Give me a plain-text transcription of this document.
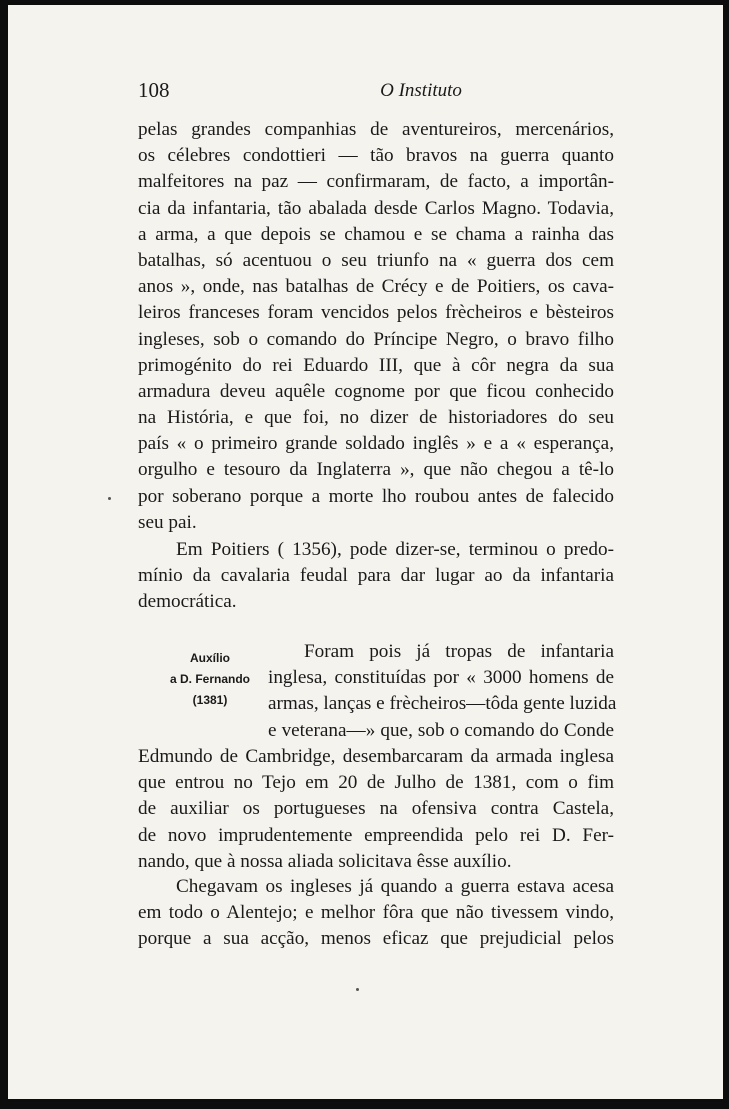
108	O Instituto
pelas grandes companhias de aventureiros, mercenários,
os célebres condottieri — tão bravos na guerra quanto
malfeitores na paz — confirmaram, de facto, a importân-
cia da infantaria, tão abalada desde Carlos Magno. Todavia,
a arma, a que depois se chamou e se chama a rainha das
batalhas, só acentuou o seu triunfo na « guerra dos cem
anos », onde, nas batalhas de Crécy e de Poitiers, os cava-
leiros franceses foram vencidos pelos frècheiros e bèsteiros
ingleses, sob o comando do Príncipe Negro, o bravo filho
primogénito do rei Eduardo III, que à côr negra da sua
armadura deveu aquêle cognome por que ficou conhecido
na História, e que foi, no dizer de historiadores do seu
país « o primeiro grande soldado inglês » e a « esperança,
orgulho e tesouro da Inglaterra », que não chegou a tê-lo
por soberano porque a morte lho roubou antes de falecido
seu pai.
Em Poitiers ( 1356), pode dizer-se, terminou o predo-
mínio da cavalaria feudal para dar lugar ao da infantaria
democrática.
Auxílio
a D. Fernando
(1381)
Foram pois já tropas de infantaria
inglesa, constituídas por « 3000 homens de
armas, lanças e frècheiros—tôda gente luzida
e veterana—» que, sob o comando do Conde
Edmundo de Cambridge, desembarcaram da armada inglesa
que entrou no Tejo em 20 de Julho de 1381, com o fim
de auxiliar os portugueses na ofensiva contra Castela,
de novo imprudentemente empreendida pelo rei D. Fer-
nando, que à nossa aliada solicitava êsse auxílio.
Chegavam os ingleses já quando a guerra estava acesa
em todo o Alentejo; e melhor fôra que não tivessem vindo,
porque a sua acção, menos eficaz que prejudicial pelos
